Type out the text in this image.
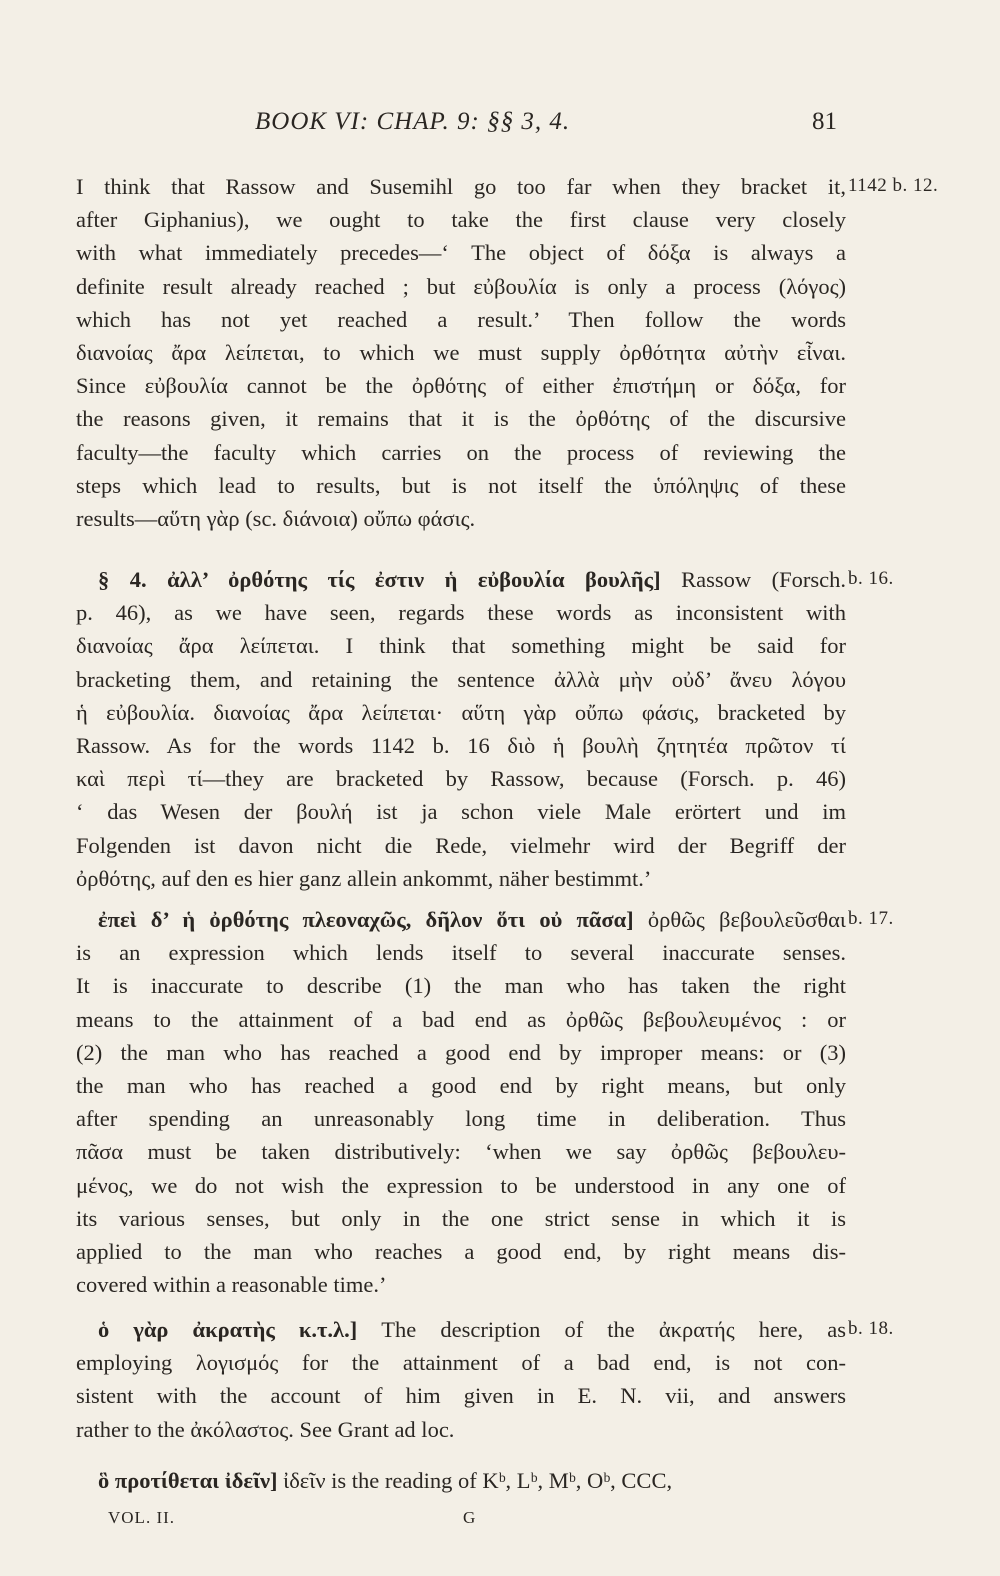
BOOK VI: CHAP. 9: §§ 3, 4.	81
I think that Rassow and Susemihl go too far when they bracket it,
after Giphanius), we ought to take the first clause very closely
with what immediately precedes—‘ The object of δόξα is always a
definite result already reached ; but εὐβουλία is only a process (λόγος)
which has not yet reached a result.’ Then follow the words
διανοίας ἄρα λείπεται, to which we must supply ὀρθότητα αὐτὴν εἶναι.
Since εὐβουλία cannot be the ὀρθότης of either ἐπιστήμη or δόξα, for
the reasons given, it remains that it is the ὀρθότης of the discursive
faculty—the faculty which carries on the process of reviewing the
steps which lead to results, but is not itself the ὑπόληψις of these
results—αὕτη γὰρ (sc. διάνοια) οὔπω φάσις.
1142 b. 12.
§ 4. ἀλλ’ ὀρθότης τίς ἐστιν ἡ εὐβουλία βουλῆς] Rassow (Forsch.
p. 46), as we have seen, regards these words as inconsistent with
διανοίας ἄρα λείπεται. I think that something might be said for
bracketing them, and retaining the sentence ἀλλὰ μὴν οὐδ’ ἄνευ λόγου
ἡ εὐβουλία. διανοίας ἄρα λείπεται· αὕτη γὰρ οὔπω φάσις, bracketed by
Rassow. As for the words 1142 b. 16 διὸ ἡ βουλὴ ζητητέα πρῶτον τί
καὶ περὶ τί—they are bracketed by Rassow, because (Forsch. p. 46)
‘ das Wesen der βουλή ist ja schon viele Male erörtert und im
Folgenden ist davon nicht die Rede, vielmehr wird der Begriff der
ὀρθότης, auf den es hier ganz allein ankommt, näher bestimmt.’
b. 16.
ἐπεὶ δ’ ἡ ὀρθότης πλεοναχῶς, δῆλον ὅτι οὐ πᾶσα] ὀρθῶς βεβουλεῦσθαι
is an expression which lends itself to several inaccurate senses.
It is inaccurate to describe (1) the man who has taken the right
means to the attainment of a bad end as ὀρθῶς βεβουλευμένος : or
(2) the man who has reached a good end by improper means: or (3)
the man who has reached a good end by right means, but only
after spending an unreasonably long time in deliberation. Thus
πᾶσα must be taken distributively: ‘when we say ὀρθῶς βεβουλευ-
μένος, we do not wish the expression to be understood in any one of
its various senses, but only in the one strict sense in which it is
applied to the man who reaches a good end, by right means dis-
covered within a reasonable time.’
b. 17.
ὁ γὰρ ἀκρατὴς κ.τ.λ.] The description of the ἀκρατής here, as
employing λογισμός for the attainment of a bad end, is not con-
sistent with the account of him given in E. N. vii, and answers
rather to the ἀκόλαστος. See Grant ad loc.
b. 18.
ὃ προτίθεται ἰδεῖν] ἰδεῖν is the reading of Kᵇ, Lᵇ, Mᵇ, Oᵇ, CCC,
VOL. II.	G
